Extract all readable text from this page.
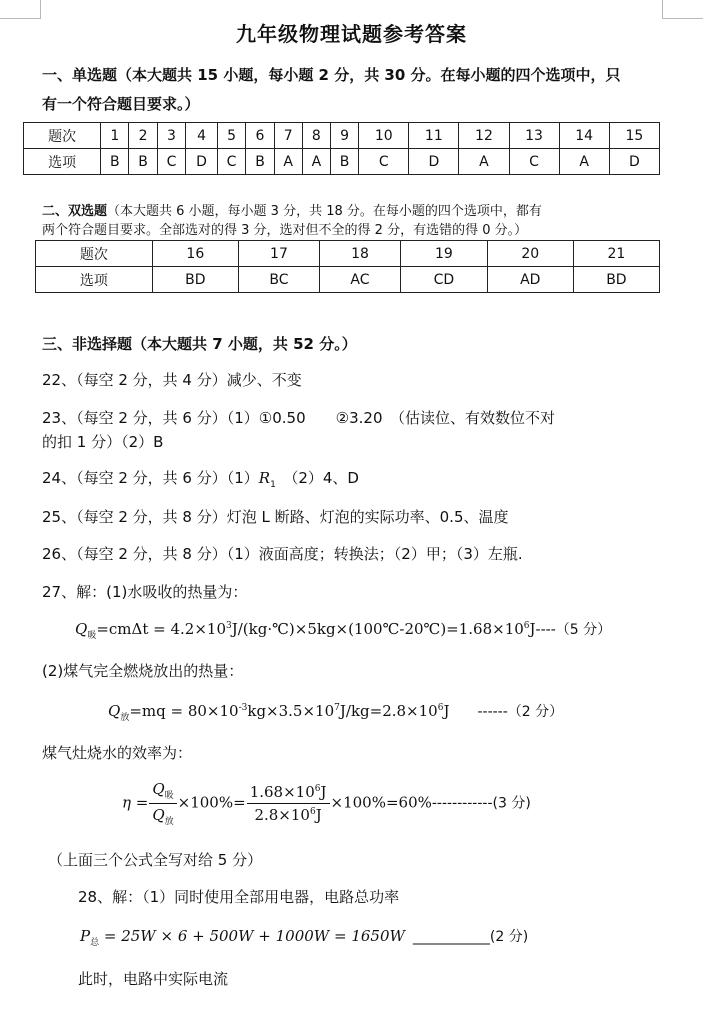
九年级物理试题参考答案
一、单选题（本大题共 15 小题，每小题 2 分，共 30 分。在每小题的四个选项中，只
有一个符合题目要求。）
题次	1	2	3	4	5	6	7	8	9	10	11	12	13	14	15
选项	B	B	C	D	C	B	A	A	B	C	D	A	C	A	D
二、双选题（本大题共 6 小题，每小题 3 分，共 18 分。在每小题的四个选项中，都有
两个符合题目要求。全部选对的得 3 分，选对但不全的得 2 分，有选错的得 0 分。）
题次	16	17	18	19	20	21
选项	BD	BC	AC	CD	AD	BD
三、非选择题（本大题共 7 小题，共 52 分。）
22、（每空 2 分，共 4 分）减少、不变
23、（每空 2 分，共 6 分）（1）①0.50　　②3.20　（估读位、有效数位不对
的扣 1 分）（2）B
24、（每空 2 分，共 6 分）$(1)R_1$　（2）4、D
25、（每空 2 分，共 8 分）灯泡 L 断路、灯泡的实际功率、0.5、温度
26、（每空 2 分，共 8 分）（1）液面高度；转换法；（2）甲；（3）左瓶.
27、解：(1)水吸收的热量为：
$Q_吸=cm\Delta t$ = $4.2\times 10^3J/(kg\cdot℃)\times 5kg\times(100℃-20℃)=1.68\times 10^6J----(5$ 分）
(2)煤气完全燃烧放出的热量：
$Q_放=mq = 80\times 10^{-3}kg\times 3.5\times 10^7J/kg=2.8\times 10^6J$ ------（2 分）
煤气灶烧水的效率为：
$\eta = \frac{Q_吸}{Q_放} \times 100\%= \frac{1.68\times 10^6J}{2.8\times 10^6J} \times 100\%=60\%------------(3$ 分)
（上面三个公式全写对给 5 分）
28、解：（1）同时使用全部用电器，电路总功率
$P_总 = 25W \times 6 + 500W + 1000W = 1650W$ ___________(2 分)
此时，电路中实际电流
